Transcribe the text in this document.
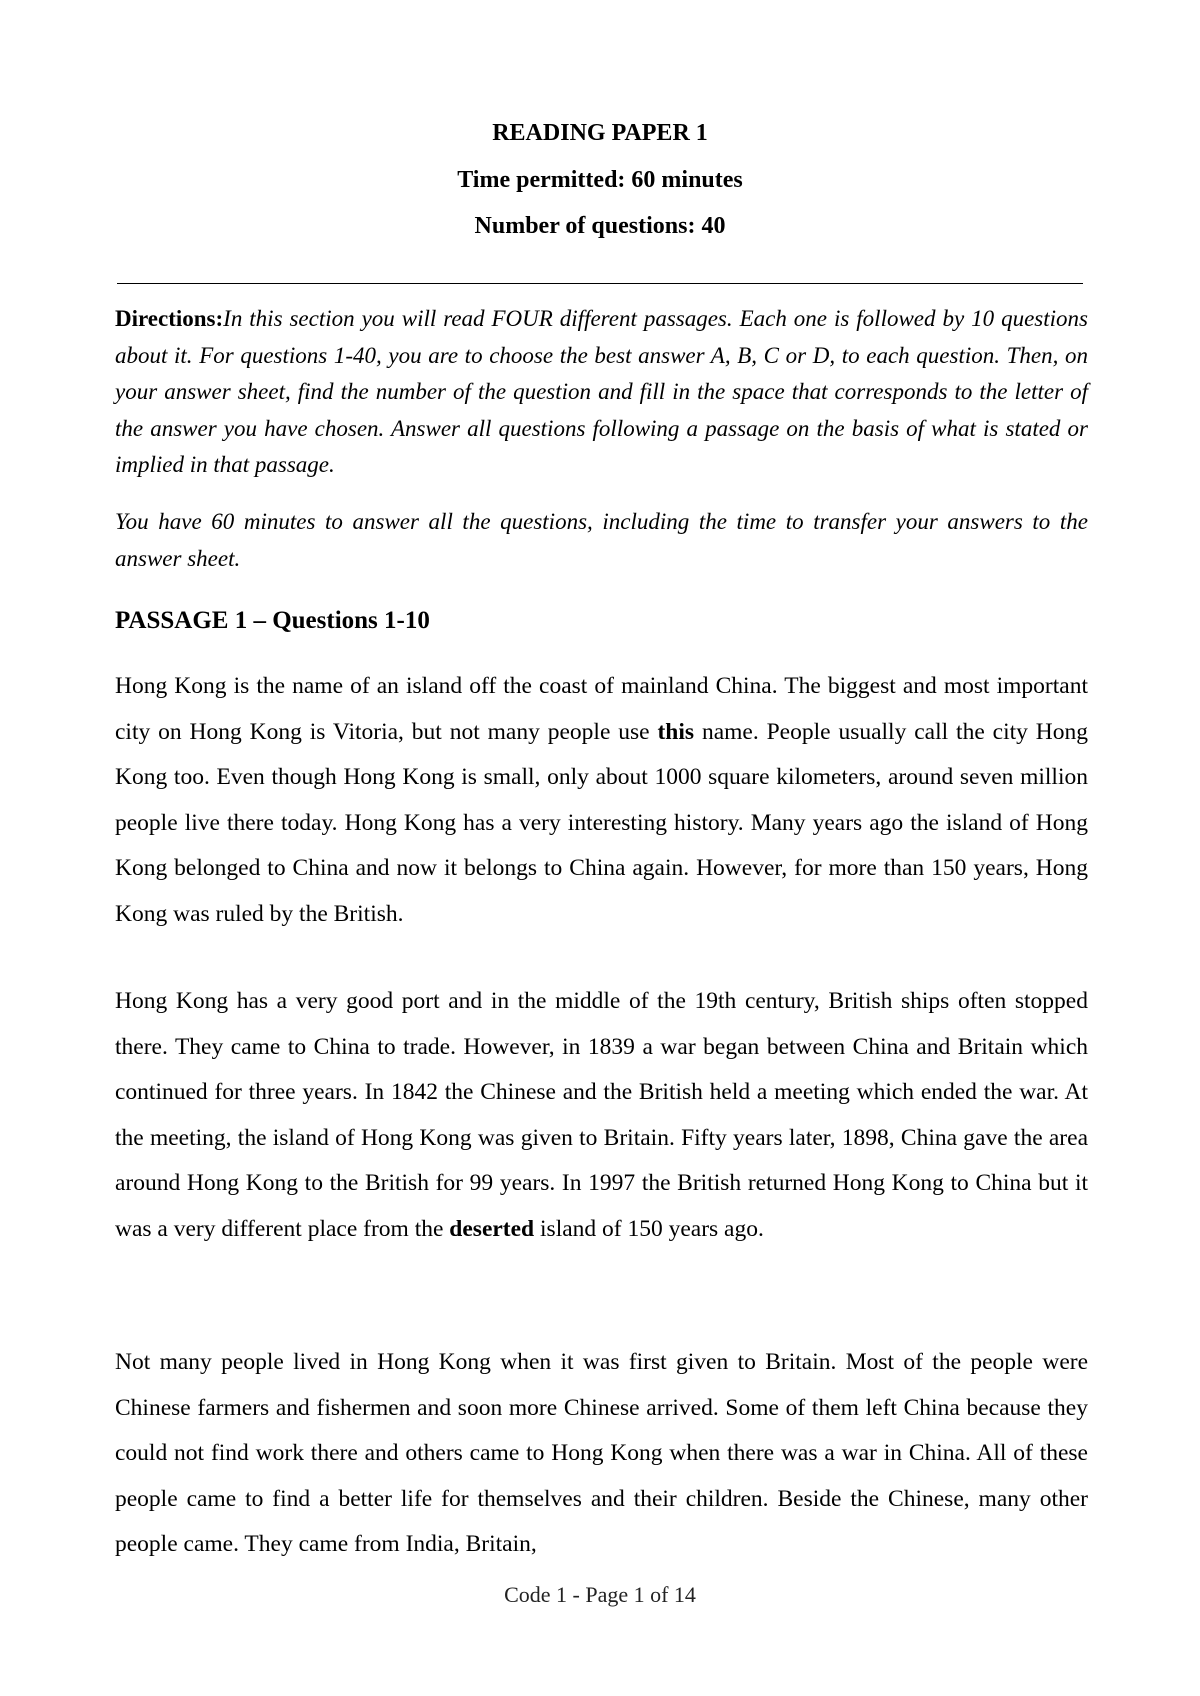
READING PAPER 1
Time permitted: 60 minutes
Number of questions: 40
Directions:In this section you will read FOUR different passages. Each one is followed by 10 questions about it. For questions 1-40, you are to choose the best answer A, B, C or D, to each question. Then, on your answer sheet, find the number of the question and fill in the space that corresponds to the letter of the answer you have chosen. Answer all questions following a passage on the basis of what is stated or implied in that passage.
You have 60 minutes to answer all the questions, including the time to transfer your answers to the answer sheet.
PASSAGE 1 – Questions 1-10
Hong Kong is the name of an island off the coast of mainland China. The biggest and most important city on Hong Kong is Vitoria, but not many people use this name. People usually call the city Hong Kong too. Even though Hong Kong is small, only about 1000 square kilometers, around seven million people live there today. Hong Kong has a very interesting history. Many years ago the island of Hong Kong belonged to China and now it belongs to China again. However, for more than 150 years, Hong Kong was ruled by the British.
Hong Kong has a very good port and in the middle of the 19th century, British ships often stopped there. They came to China to trade. However, in 1839 a war began between China and Britain which continued for three years. In 1842 the Chinese and the British held a meeting which ended the war. At the meeting, the island of Hong Kong was given to Britain. Fifty years later, 1898, China gave the area around Hong Kong to the British for 99 years. In 1997 the British returned Hong Kong to China but it was a very different place from the deserted island of 150 years ago.
Not many people lived in Hong Kong when it was first given to Britain. Most of the people were Chinese farmers and fishermen and soon more Chinese arrived. Some of them left China because they could not find work there and others came to Hong Kong when there was a war in China. All of these people came to find a better life for themselves and their children. Beside the Chinese, many other people came. They came from India, Britain,
Code 1 - Page 1 of 14
